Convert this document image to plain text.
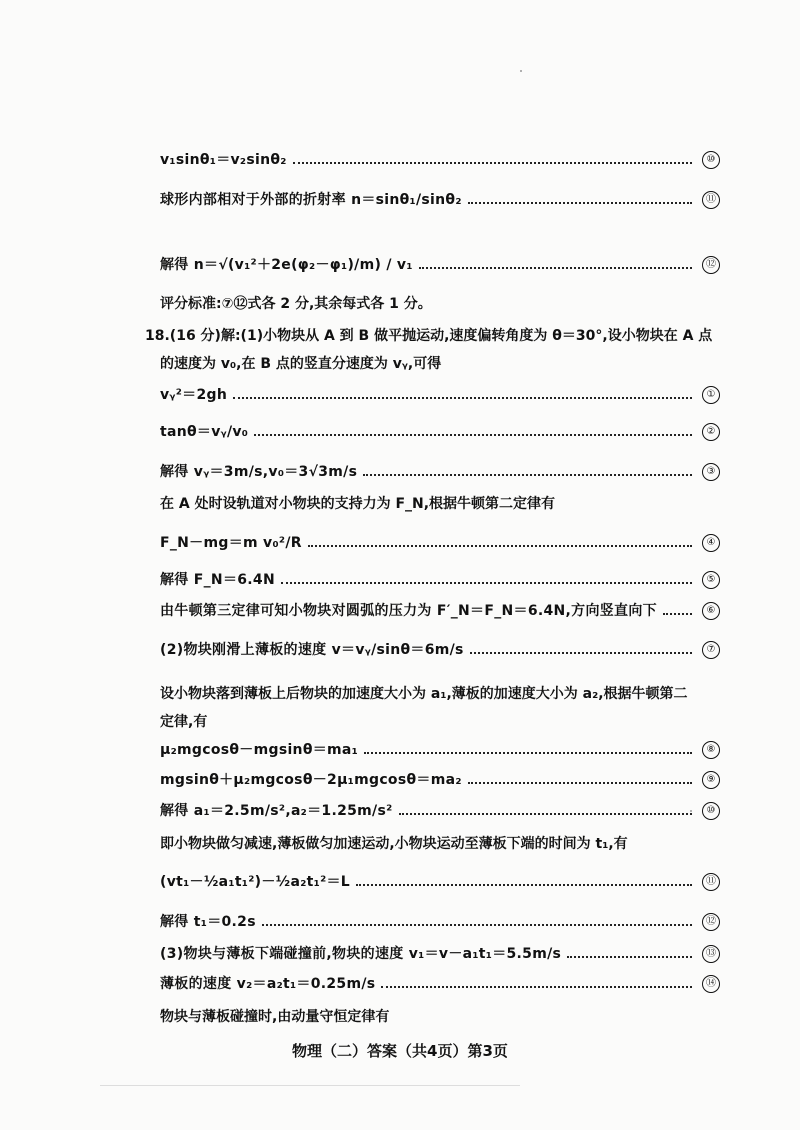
v₁sinθ₁＝v₂sinθ₂	⑩
球形内部相对于外部的折射率 n＝sinθ₁/sinθ₂	⑪
解得 n＝√(v₁²＋2e(φ₂－φ₁)/m) / v₁	⑫
评分标准:⑦⑫式各 2 分,其余每式各 1 分。
18.(16 分)解:(1)小物块从 A 到 B 做平抛运动,速度偏转角度为 θ＝30°,设小物块在 A 点
的速度为 v₀,在 B 点的竖直分速度为 vᵧ,可得
vᵧ²＝2gh	①
tanθ＝vᵧ/v₀	②
解得 vᵧ＝3m/s,v₀＝3√3m/s	③
在 A 处时设轨道对小物块的支持力为 F_N,根据牛顿第二定律有
F_N－mg＝m v₀²/R	④
解得 F_N＝6.4N	⑤
由牛顿第三定律可知小物块对圆弧的压力为 F′_N＝F_N＝6.4N,方向竖直向下	⑥
(2)物块刚滑上薄板的速度 v＝vᵧ/sinθ＝6m/s	⑦
设小物块落到薄板上后物块的加速度大小为 a₁,薄板的加速度大小为 a₂,根据牛顿第二
定律,有
μ₂mgcosθ－mgsinθ＝ma₁	⑧
mgsinθ＋μ₂mgcosθ－2μ₁mgcosθ＝ma₂	⑨
解得 a₁＝2.5m/s²,a₂＝1.25m/s²	⑩
即小物块做匀减速,薄板做匀加速运动,小物块运动至薄板下端的时间为 t₁,有
(vt₁－½a₁t₁²)－½a₂t₁²＝L	⑪
解得 t₁＝0.2s	⑫
(3)物块与薄板下端碰撞前,物块的速度 v₁＝v－a₁t₁＝5.5m/s	⑬
薄板的速度 v₂＝a₂t₁＝0.25m/s	⑭
物块与薄板碰撞时,由动量守恒定律有
物理（二）答案（共4页）第3页
